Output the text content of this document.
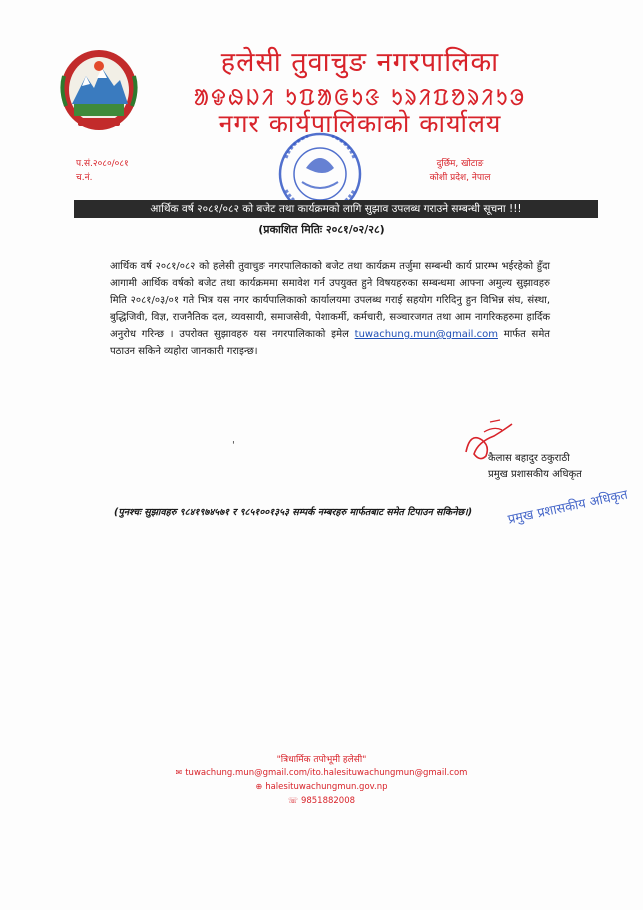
हलेसी तुवाचुङ नगरपालिका
ᱟᱫᱷᱡᱤ ᱩᱯᱟᱜᱩᱝ ᱩᱨᱤᱯᱚᱨᱤᱩᱳ
नगर कार्यपालिकाको कार्यालय
प.सं.२०८०/०८१
च.नं.
दुर्छिम, खोटाङ
कोशी प्रदेश, नेपाल
आर्थिक वर्ष २०८१/०८२ को बजेट तथा कार्यक्रमको लागि सुझाव उपलब्ध गराउने सम्बन्धी सूचना !!!
(प्रकाशित मितिः २०८१/०२/२८)
आर्थिक वर्ष २०८१/०८२ को हलेसी तुवाचुङ नगरपालिकाको बजेट तथा कार्यक्रम तर्जुमा सम्बन्धी कार्य प्रारम्भ भईरहेको हुँदा आगामी आर्थिक वर्षको बजेट तथा कार्यक्रममा समावेश गर्न उपयुक्त हुने विषयहरुका सम्बन्धमा आफ्ना अमुल्य सुझावहरु मिति २०८१/०३/०१ गते भित्र यस नगर कार्यपालिकाको कार्यालयमा उपलब्ध गराई सहयोग गरिदिनु हुन विभिन्न संघ, संस्था, बुद्धिजिवी, विज्ञ, राजनैतिक दल, व्यवसायी, समाजसेवी, पेशाकर्मी, कर्मचारी, सञ्चारजगत तथा आम नागरिकहरुमा हार्दिक अनुरोध गरिन्छ । उपरोक्त सुझावहरु यस नगरपालिकाको इमेल tuwachung.mun@gmail.com मार्फत समेत पठाउन सकिने व्यहोरा जानकारी गराइन्छ।
'
कैलास बहादुर ठकुराठी
प्रमुख प्रशासकीय अधिकृत
(पुनश्चः सुझावहरु ९८४१९७४५७१ र ९८५१००१३५३ सम्पर्क नम्बरहरु मार्फतबाट समेत टिपाउन सकिनेछ।)	प्रमुख प्रशासकीय अधिकृत
"त्रिधार्मिक तपोभूमी हलेसी"
✉ tuwachung.mun@gmail.com/ito.halesituwachungmun@gmail.com
⊕ halesituwachungmun.gov.np
☏ 9851882008
